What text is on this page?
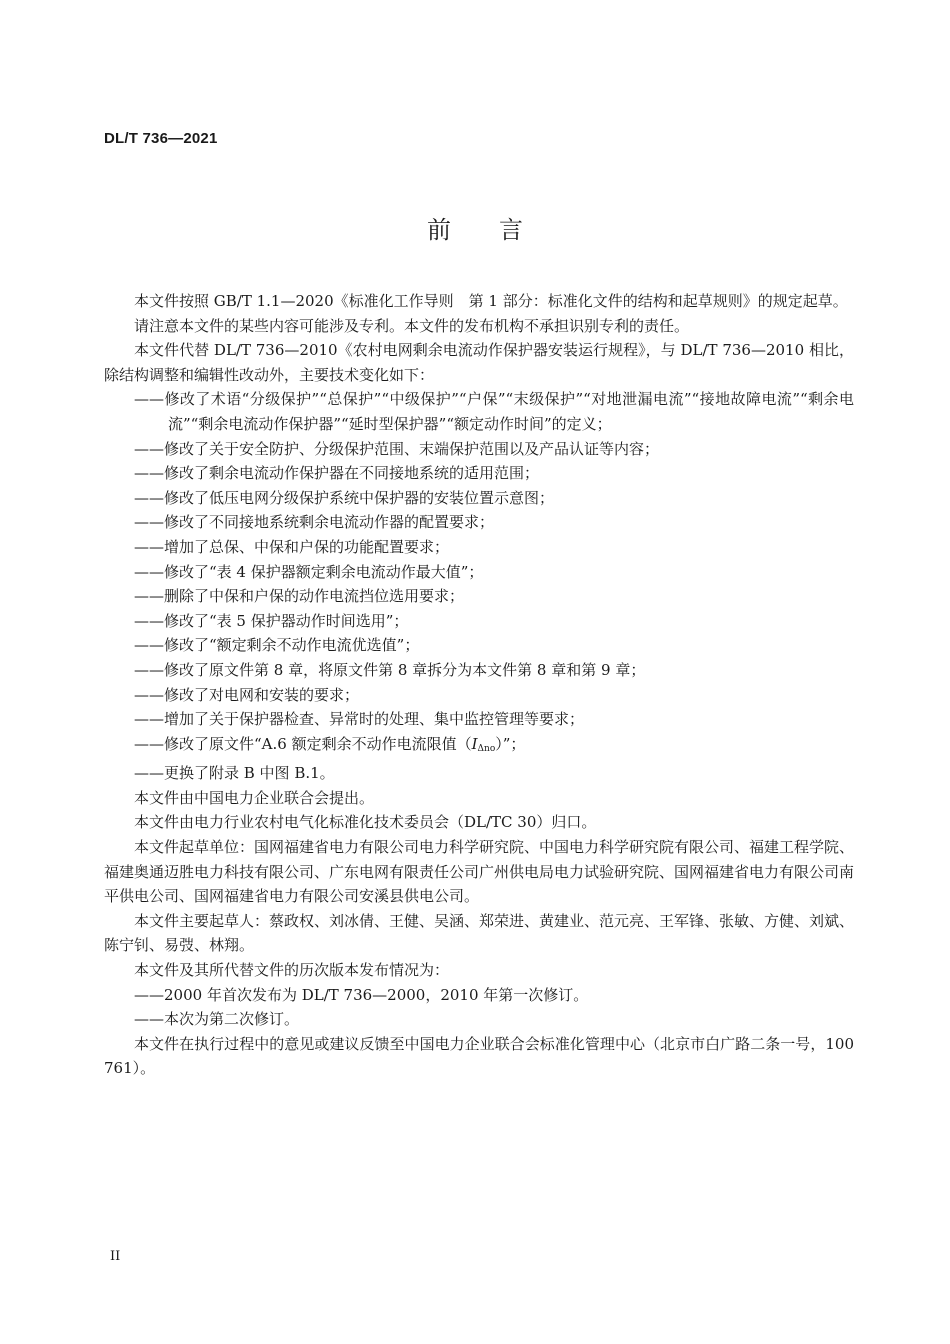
DL/T 736—2021
前言

本文件按照 GB/T 1.1—2020《标准化工作导则　第 1 部分：标准化文件的结构和起草规则》的规定起草。

请注意本文件的某些内容可能涉及专利。本文件的发布机构不承担识别专利的责任。

本文件代替 DL/T 736—2010《农村电网剩余电流动作保护器安装运行规程》，与 DL/T 736—2010 相比，除结构调整和编辑性改动外，主要技术变化如下：

——修改了术语“分级保护”“总保护”“中级保护”“户保”“末级保护”“对地泄漏电流”“接地故障电流”“剩余电流”“剩余电流动作保护器”“延时型保护器”“额定动作时间”的定义；

——修改了关于安全防护、分级保护范围、末端保护范围以及产品认证等内容；

——修改了剩余电流动作保护器在不同接地系统的适用范围；

——修改了低压电网分级保护系统中保护器的安装位置示意图；

——修改了不同接地系统剩余电流动作器的配置要求；

——增加了总保、中保和户保的功能配置要求；

——修改了“表 4 保护器额定剩余电流动作最大值”；

——删除了中保和户保的动作电流挡位选用要求；

——修改了“表 5 保护器动作时间选用”；

——修改了“额定剩余不动作电流优选值”；

——修改了原文件第 8 章，将原文件第 8 章拆分为本文件第 8 章和第 9 章；

——修改了对电网和安装的要求；

——增加了关于保护器检查、异常时的处理、集中监控管理等要求；

——修改了原文件“A.6 额定剩余不动作电流限值（IΔno）”；

——更换了附录 B 中图 B.1。

本文件由中国电力企业联合会提出。

本文件由电力行业农村电气化标准化技术委员会（DL/TC 30）归口。

本文件起草单位：国网福建省电力有限公司电力科学研究院、中国电力科学研究院有限公司、福建工程学院、福建奥通迈胜电力科技有限公司、广东电网有限责任公司广州供电局电力试验研究院、国网福建省电力有限公司南平供电公司、国网福建省电力有限公司安溪县供电公司。

本文件主要起草人：蔡政权、刘冰倩、王健、吴涵、郑荣进、黄建业、范元亮、王军锋、张敏、方健、刘斌、陈宁钊、易弢、林翔。

本文件及其所代替文件的历次版本发布情况为：

——2000 年首次发布为 DL/T 736—2000，2010 年第一次修订。

——本次为第二次修订。

本文件在执行过程中的意见或建议反馈至中国电力企业联合会标准化管理中心（北京市白广路二条一号，100761）。

II
